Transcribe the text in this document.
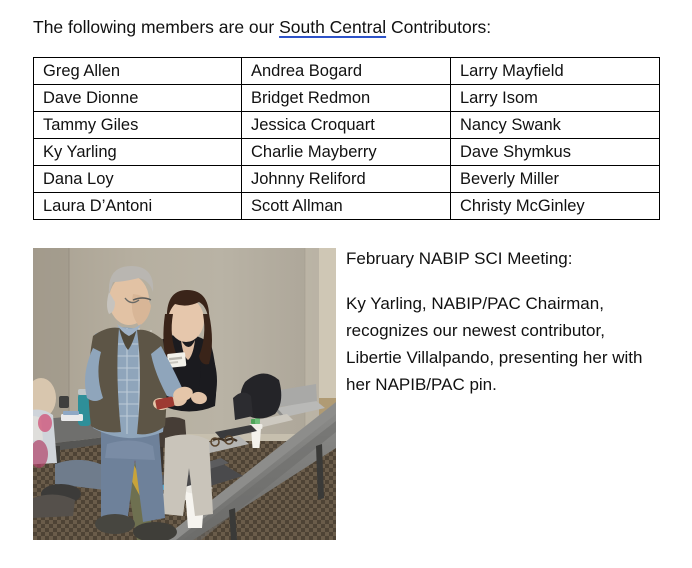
The following members are our South Central Contributors:
Greg Allen	Andrea Bogard	Larry Mayfield
Dave Dionne	Bridget Redmon	Larry Isom
Tammy Giles	Jessica Croquart	Nancy Swank
Ky Yarling	Charlie Mayberry	Dave Shymkus
Dana Loy	Johnny Reliford	Beverly Miller
Laura D’Antoni	Scott Allman	Christy McGinley

February NABIP SCI Meeting:

Ky Yarling, NABIP/PAC Chairman, recognizes our newest contributor, Libertie Villalpando, presenting her with her NAPIB/PAC pin.
